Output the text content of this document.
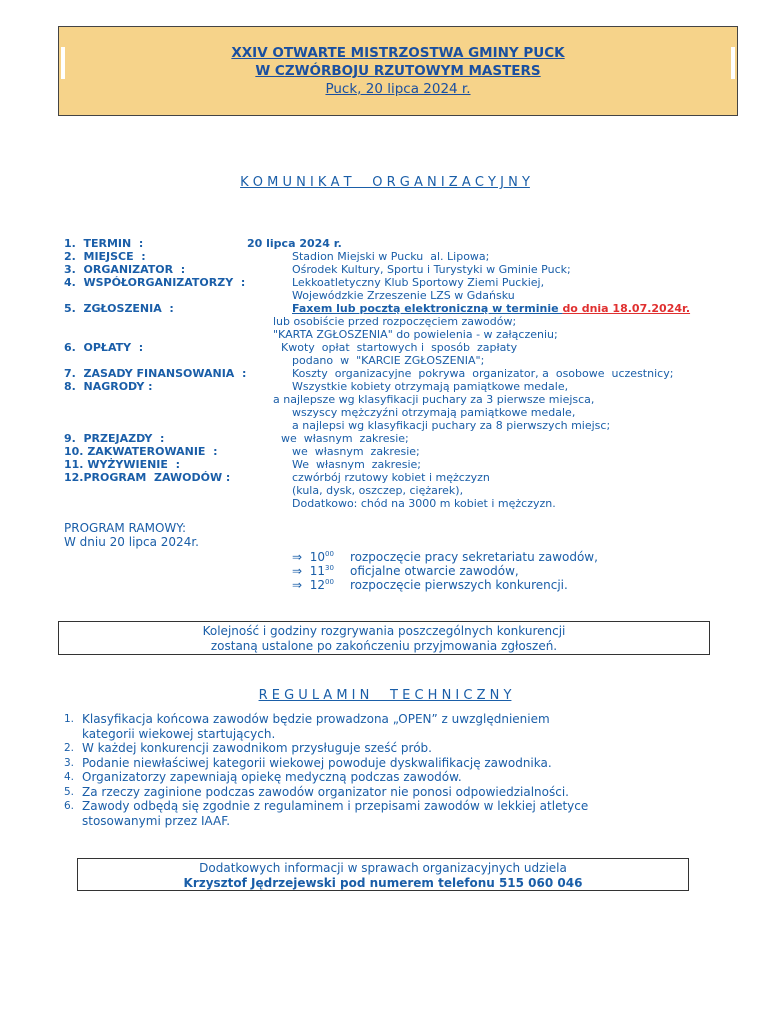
XXIV OTWARTE MISTRZOSTWA GMINY PUCK
W CZWÓRBOJU RZUTOWYM MASTERS
Puck, 20 lipca 2024 r.
K O M U N I K A T     O R G A N I Z A C Y J N Y
1.  TERMIN  :	20 lipca 2024 r.
2.  MIEJSCE  :	Stadion Miejski w Pucku  al. Lipowa;
3.  ORGANIZATOR  :	Ośrodek Kultury, Sportu i Turystyki w Gminie Puck;
4.  WSPÓŁORGANIZATORZY  :	Lekkoatletyczny Klub Sportowy Ziemi Puckiej,
Wojewódzkie Zrzeszenie LZS w Gdańsku
5.  ZGŁOSZENIA  :	Faxem lub pocztą elektroniczną w terminie do dnia 18.07.2024r.
lub osobiście przed rozpoczęciem zawodów;
"KARTA ZGŁOSZENIA" do powielenia - w załączeniu;
6.  OPŁATY  :	Kwoty  opłat  startowych i  sposób  zapłaty
podano  w  "KARCIE ZGŁOSZENIA";
7.  ZASADY FINANSOWANIA  :	Koszty  organizacyjne  pokrywa  organizator, a  osobowe  uczestnicy;
8.  NAGRODY :	Wszystkie kobiety otrzymają pamiątkowe medale,
a najlepsze wg klasyfikacji puchary za 3 pierwsze miejsca,
wszyscy mężczyźni otrzymają pamiątkowe medale,
a najlepsi wg klasyfikacji puchary za 8 pierwszych miejsc;
9.  PRZEJAZDY  :	we  własnym  zakresie;
10. ZAKWATEROWANIE  :	we  własnym  zakresie;
11. WYŻYWIENIE  :	We  własnym  zakresie;
12.PROGRAM  ZAWODÓW :	czwórbój rzutowy kobiet i mężczyzn
(kula, dysk, oszczep, ciężarek),
Dodatkowo: chód na 3000 m kobiet i mężczyzn.
PROGRAM RAMOWY:
W dniu 20 lipca 2024r.
⇒ $10^{00}$ rozpoczęcie pracy sekretariatu zawodów,
⇒ $11^{30}$ oficjalne otwarcie zawodów,
⇒ $12^{00}$ rozpoczęcie pierwszych konkurencji.
Kolejność i godziny rozgrywania poszczególnych konkurencji
zostaną ustalone po zakończeniu przyjmowania zgłoszeń.
R E G U L A M I N     T E C H N I C Z N Y
1. Klasyfikacja końcowa zawodów będzie prowadzona „OPEN” z uwzględnieniem
kategorii wiekowej startujących.
2. W każdej konkurencji zawodnikom przysługuje sześć prób.
3. Podanie niewłaściwej kategorii wiekowej powoduje dyskwalifikację zawodnika.
4. Organizatorzy zapewniają opiekę medyczną podczas zawodów.
5. Za rzeczy zaginione podczas zawodów organizator nie ponosi odpowiedzialności.
6. Zawody odbędą się zgodnie z regulaminem i przepisami zawodów w lekkiej atletyce
stosowanymi przez IAAF.
Dodatkowych informacji w sprawach organizacyjnych udziela
Krzysztof Jędrzejewski pod numerem telefonu 515 060 046
